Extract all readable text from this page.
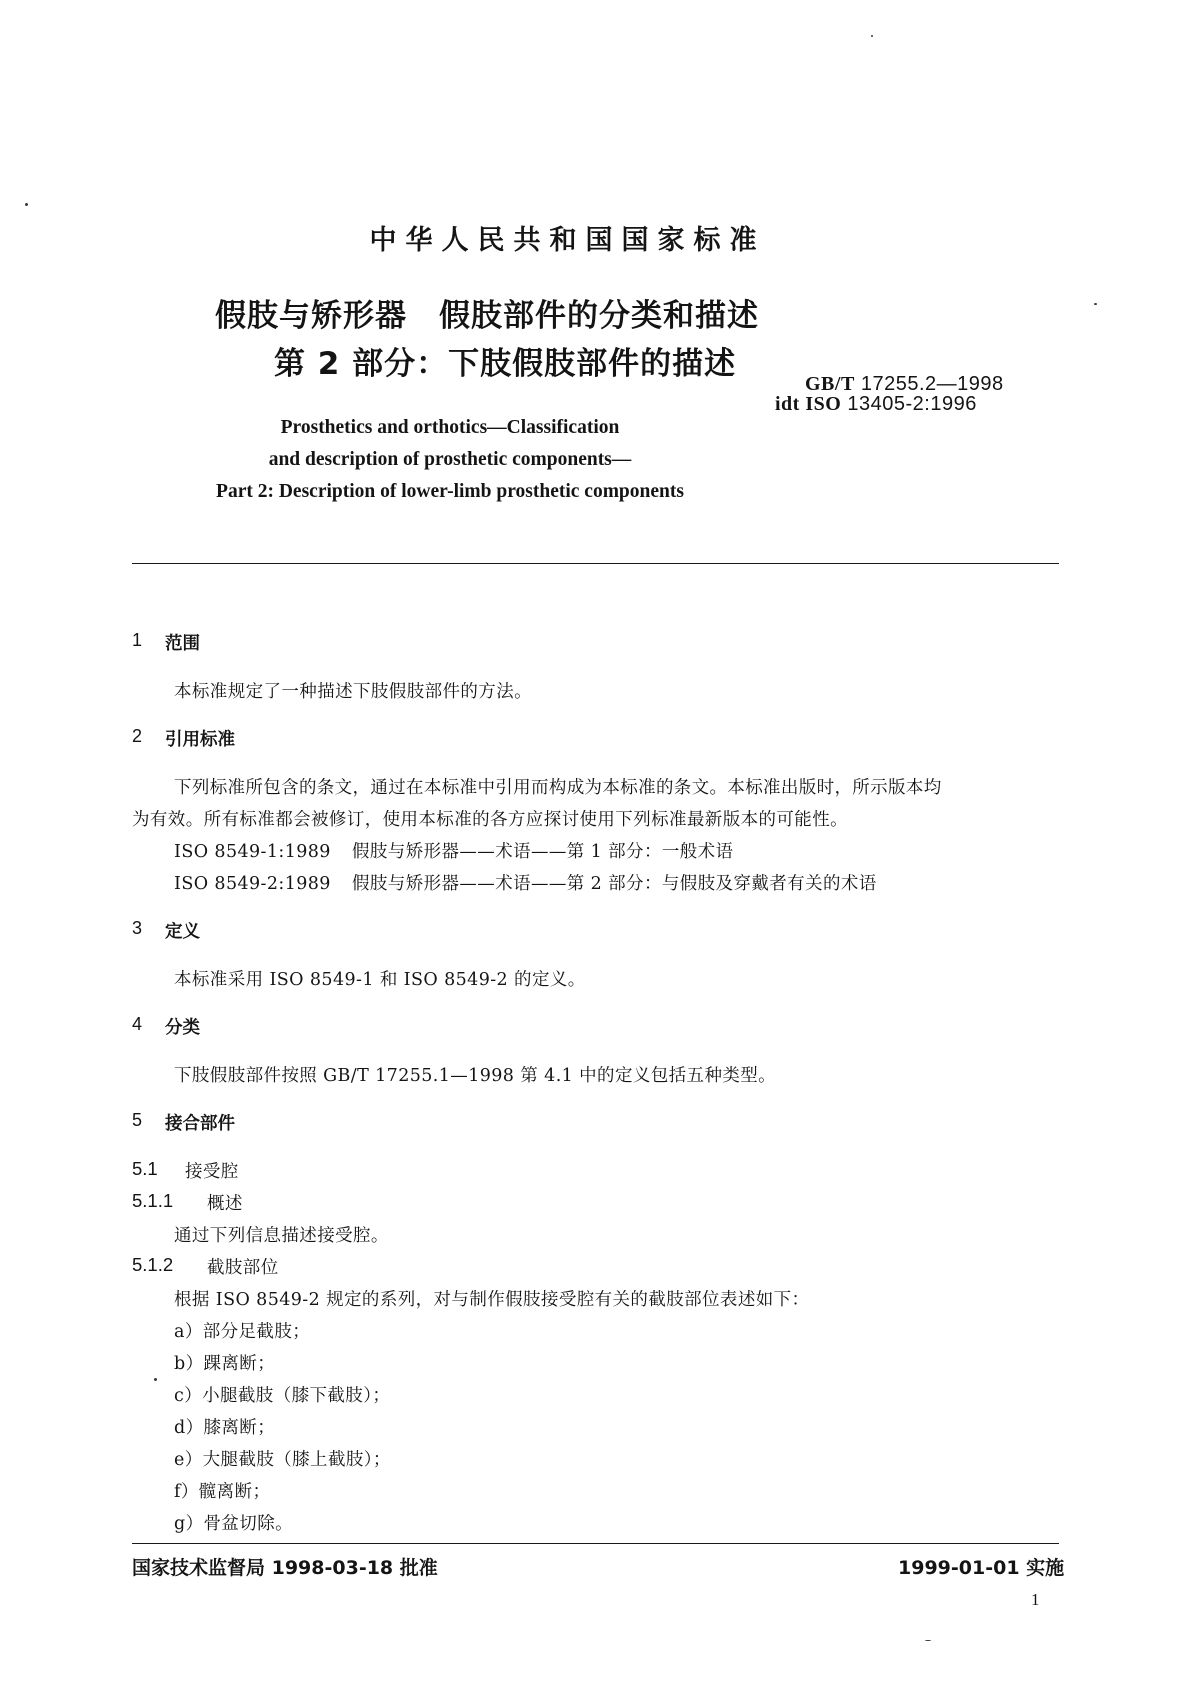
中华人民共和国国家标准
假肢与矫形器　假肢部件的分类和描述
第 2 部分：下肢假肢部件的描述
GB/T 17255.2—1998
idt ISO 13405-2:1996
Prosthetics and orthotics—Classification
and description of prosthetic components—
Part 2: Description of lower-limb prosthetic components
1 范围
本标准规定了一种描述下肢假肢部件的方法。
2 引用标准
下列标准所包含的条文，通过在本标准中引用而构成为本标准的条文。本标准出版时，所示版本均
为有效。所有标准都会被修订，使用本标准的各方应探讨使用下列标准最新版本的可能性。
ISO 8549-1:1989 假肢与矫形器——术语——第 1 部分：一般术语
ISO 8549-2:1989 假肢与矫形器——术语——第 2 部分：与假肢及穿戴者有关的术语
3 定义
本标准采用 ISO 8549-1 和 ISO 8549-2 的定义。
4 分类
下肢假肢部件按照 GB/T 17255.1—1998 第 4.1 中的定义包括五种类型。
5 接合部件
5.1 接受腔
5.1.1 概述
通过下列信息描述接受腔。
5.1.2 截肢部位
根据 ISO 8549-2 规定的系列，对与制作假肢接受腔有关的截肢部位表述如下：
a）部分足截肢；
b）踝离断；
c）小腿截肢（膝下截肢）；
d）膝离断；
e）大腿截肢（膝上截肢）；
f）髋离断；
g）骨盆切除。
国家技术监督局 1998-03-18 批准	1999-01-01 实施
1
